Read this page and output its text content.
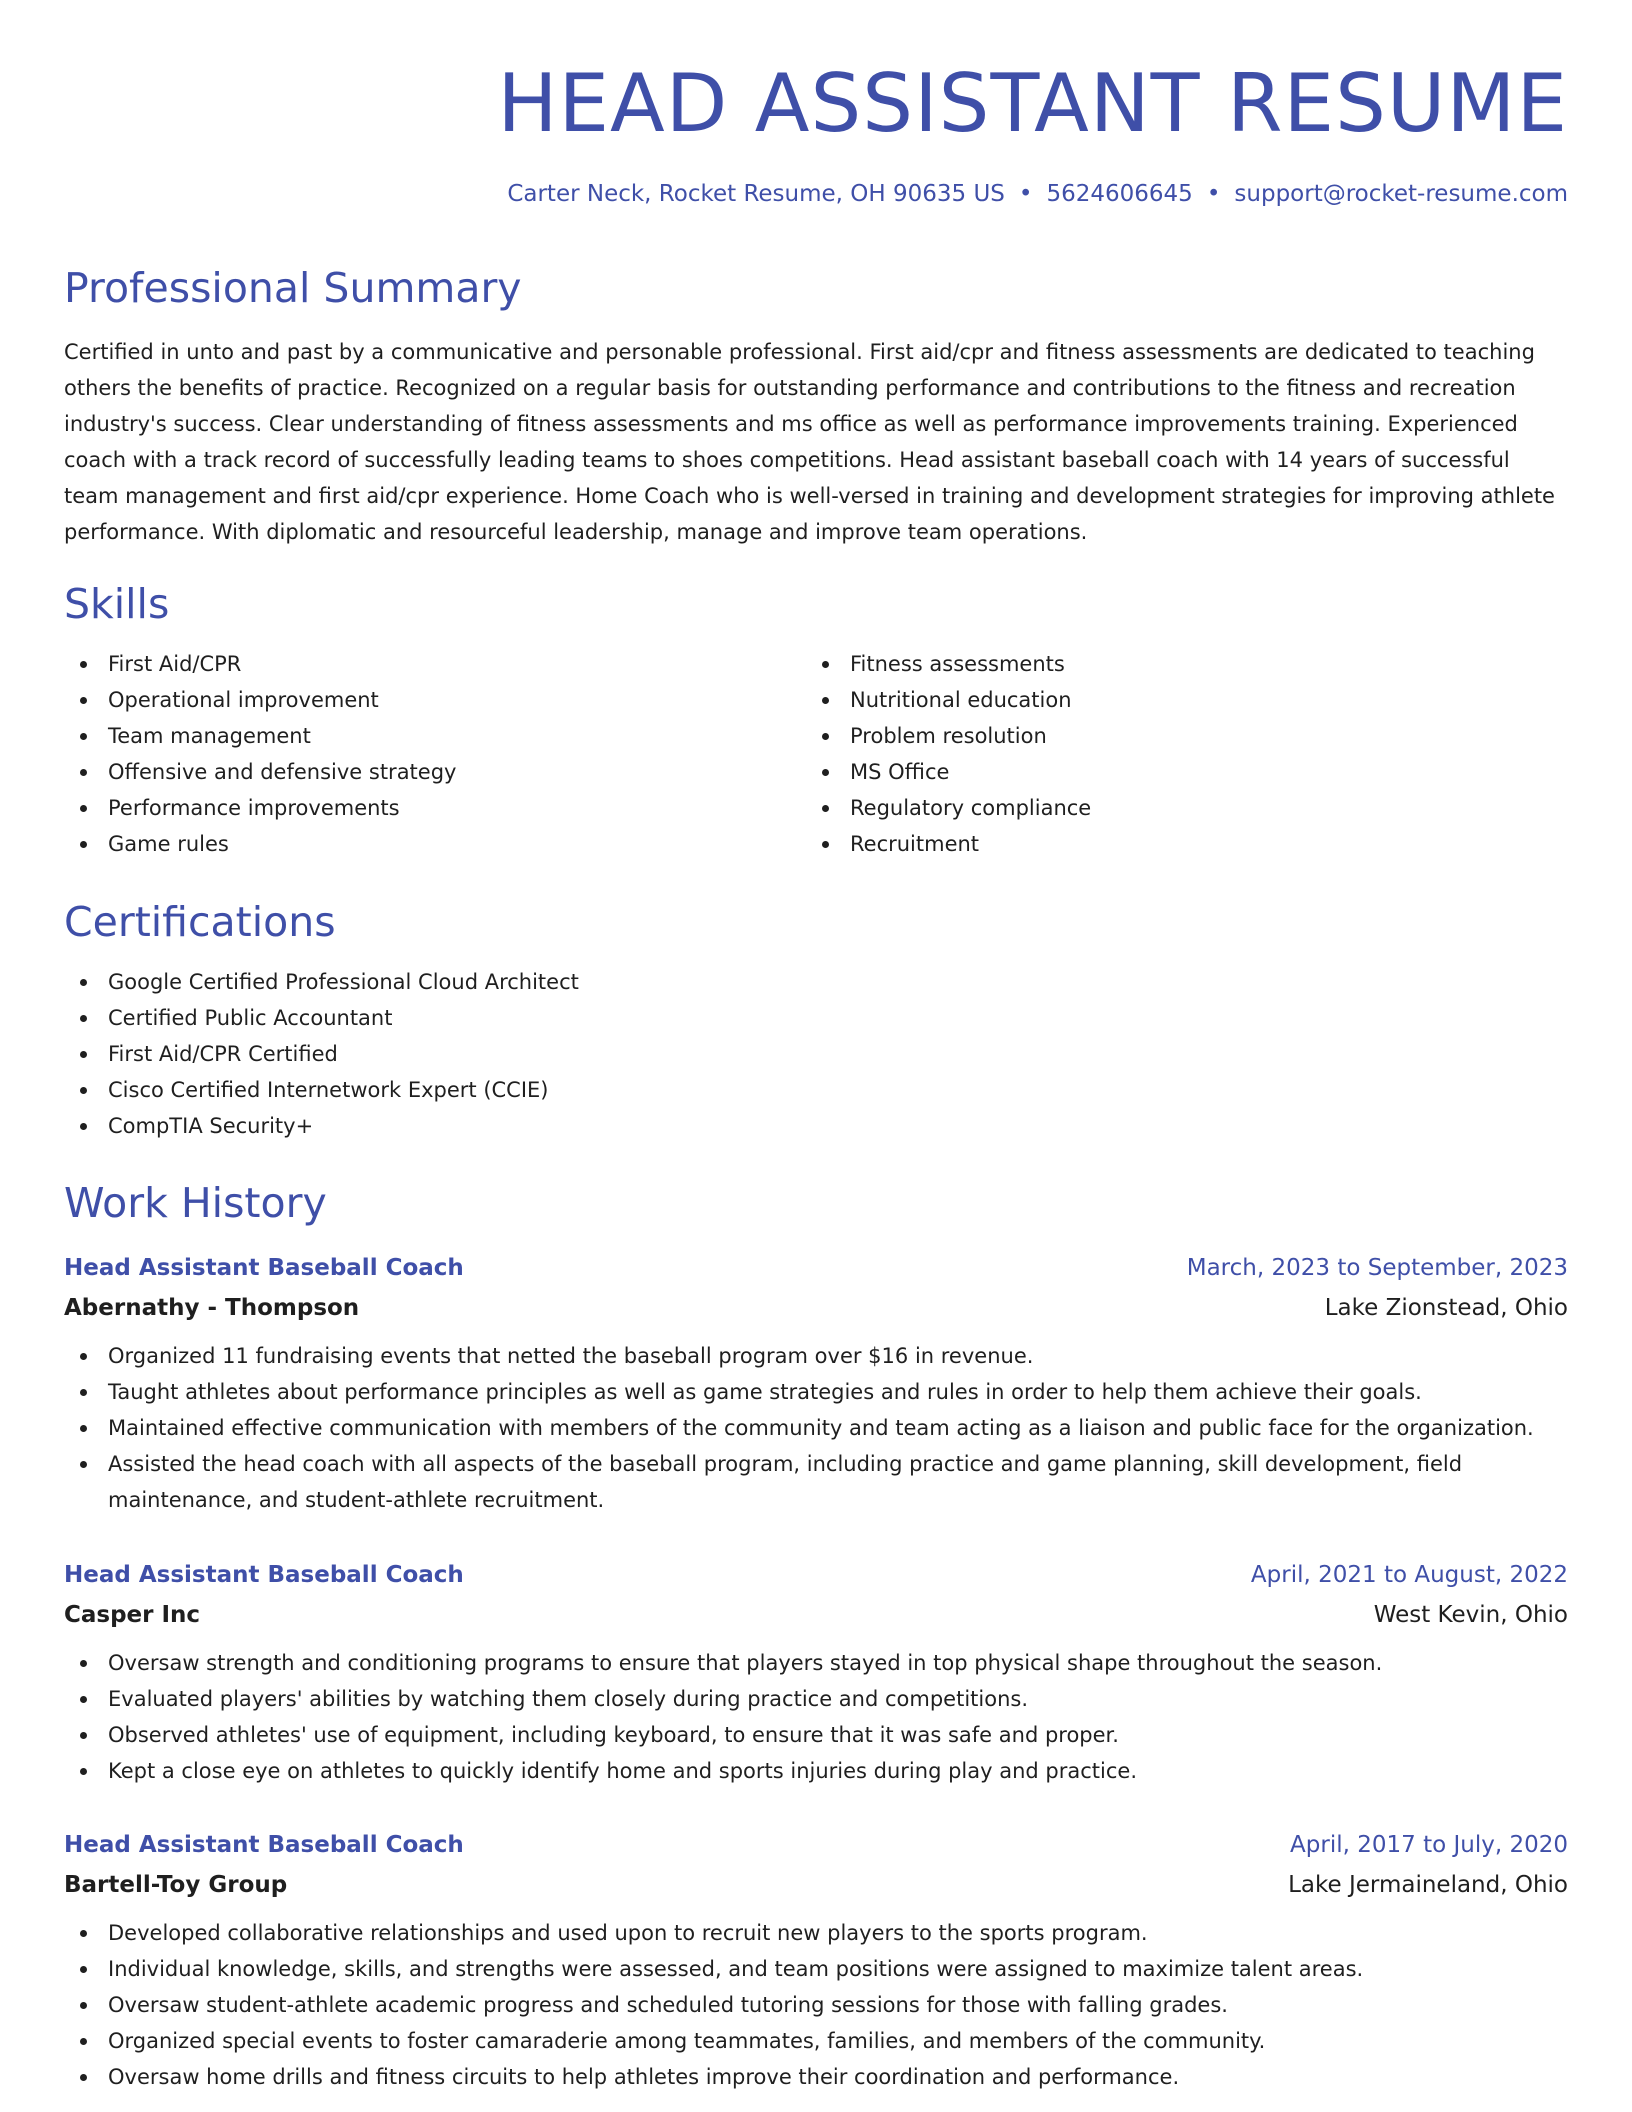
HEAD ASSISTANT RESUME
Carter Neck, Rocket Resume, OH 90635 US • 5624606645 • support@rocket-resume.com
Professional Summary
Certified in unto and past by a communicative and personable professional. First aid/cpr and fitness assessments are dedicated to teaching others the benefits of practice. Recognized on a regular basis for outstanding performance and contributions to the fitness and recreation industry's success. Clear understanding of fitness assessments and ms office as well as performance improvements training. Experienced coach with a track record of successfully leading teams to shoes competitions. Head assistant baseball coach with 14 years of successful team management and first aid/cpr experience. Home Coach who is well-versed in training and development strategies for improving athlete performance. With diplomatic and resourceful leadership, manage and improve team operations.
Skills
First Aid/CPR
Operational improvement
Team management
Offensive and defensive strategy
Performance improvements
Game rules
Fitness assessments
Nutritional education
Problem resolution
MS Office
Regulatory compliance
Recruitment
Certifications
Google Certified Professional Cloud Architect
Certified Public Accountant
First Aid/CPR Certified
Cisco Certified Internetwork Expert (CCIE)
CompTIA Security+
Work History
Head Assistant Baseball Coach	March, 2023 to September, 2023
Abernathy - Thompson	Lake Zionstead, Ohio
Organized 11 fundraising events that netted the baseball program over $16 in revenue.
Taught athletes about performance principles as well as game strategies and rules in order to help them achieve their goals.
Maintained effective communication with members of the community and team acting as a liaison and public face for the organization.
Assisted the head coach with all aspects of the baseball program, including practice and game planning, skill development, field maintenance, and student-athlete recruitment.
Head Assistant Baseball Coach	April, 2021 to August, 2022
Casper Inc	West Kevin, Ohio
Oversaw strength and conditioning programs to ensure that players stayed in top physical shape throughout the season.
Evaluated players' abilities by watching them closely during practice and competitions.
Observed athletes' use of equipment, including keyboard, to ensure that it was safe and proper.
Kept a close eye on athletes to quickly identify home and sports injuries during play and practice.
Head Assistant Baseball Coach	April, 2017 to July, 2020
Bartell-Toy Group	Lake Jermaineland, Ohio
Developed collaborative relationships and used upon to recruit new players to the sports program.
Individual knowledge, skills, and strengths were assessed, and team positions were assigned to maximize talent areas.
Oversaw student-athlete academic progress and scheduled tutoring sessions for those with falling grades.
Organized special events to foster camaraderie among teammates, families, and members of the community.
Oversaw home drills and fitness circuits to help athletes improve their coordination and performance.
